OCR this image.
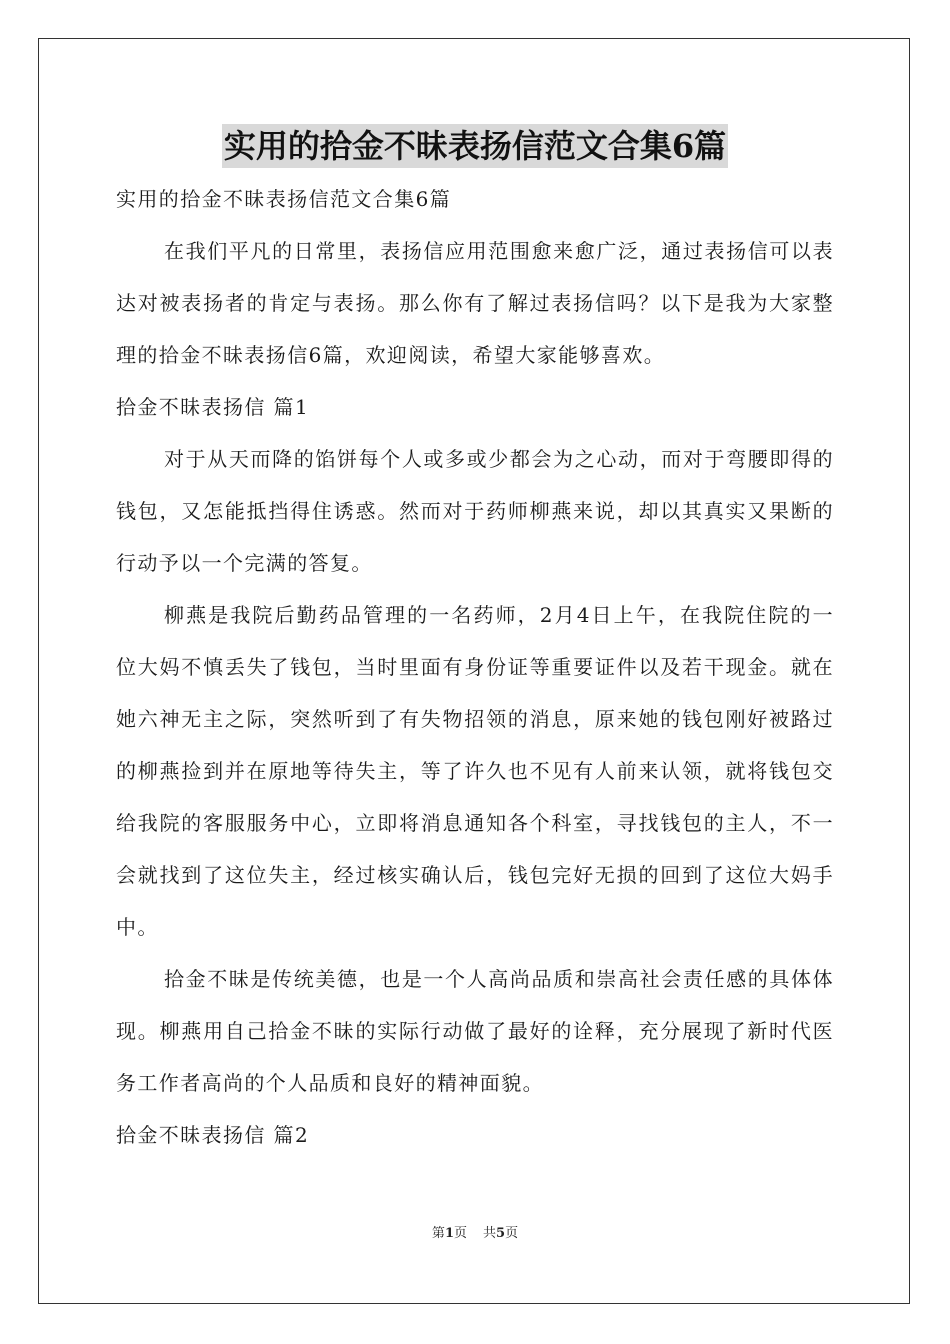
实用的拾金不昧表扬信范文合集6篇

实用的拾金不昧表扬信范文合集6篇

在我们平凡的日常里，表扬信应用范围愈来愈广泛，通过表扬信可以表达对被表扬者的肯定与表扬。那么你有了解过表扬信吗？以下是我为大家整理的拾金不昧表扬信6篇，欢迎阅读，希望大家能够喜欢。

拾金不昧表扬信 篇1

对于从天而降的馅饼每个人或多或少都会为之心动，而对于弯腰即得的钱包，又怎能抵挡得住诱惑。然而对于药师柳燕来说，却以其真实又果断的行动予以一个完满的答复。

柳燕是我院后勤药品管理的一名药师，2月4日上午，在我院住院的一位大妈不慎丢失了钱包，当时里面有身份证等重要证件以及若干现金。就在她六神无主之际，突然听到了有失物招领的消息，原来她的钱包刚好被路过的柳燕捡到并在原地等待失主，等了许久也不见有人前来认领，就将钱包交给我院的客服服务中心，立即将消息通知各个科室，寻找钱包的主人，不一会就找到了这位失主，经过核实确认后，钱包完好无损的回到了这位大妈手中。

拾金不昧是传统美德，也是一个人高尚品质和崇高社会责任感的具体体现。柳燕用自己拾金不昧的实际行动做了最好的诠释，充分展现了新时代医务工作者高尚的个人品质和良好的精神面貌。

拾金不昧表扬信 篇2

第1页 共5页
